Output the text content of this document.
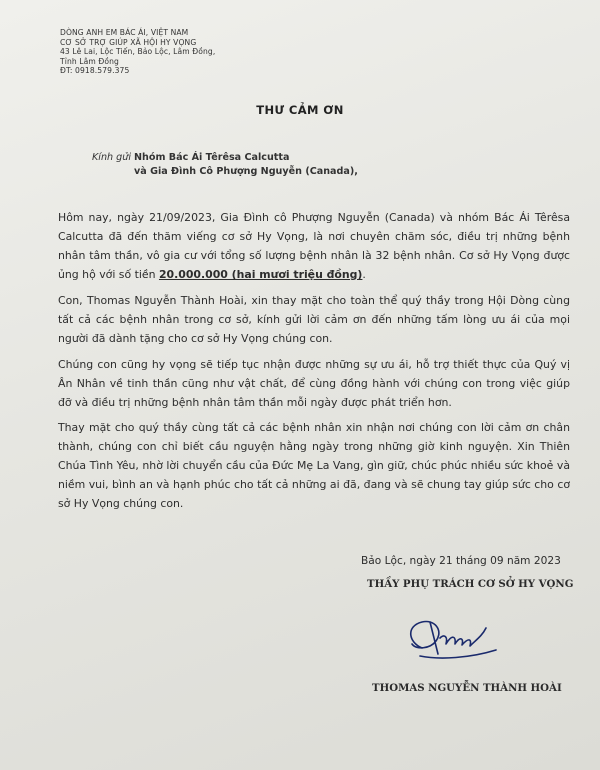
DÒNG ANH EM BÁC ÁI, VIỆT NAM
CƠ SỞ TRỢ GIÚP XÃ HỘI HY VỌNG
43 Lê Lai, Lộc Tiến, Bảo Lộc, Lâm Đồng,
Tỉnh Lâm Đồng
ĐT: 0918.579.375
THƯ CẢM ƠN
Kính gửi Nhóm Bác Ái Têrêsa Calcutta
và Gia Đình Cô Phượng Nguyễn (Canada),

Hôm nay, ngày 21/09/2023, Gia Đình cô Phượng Nguyễn (Canada) và nhóm Bác Ái Têrêsa Calcutta đã đến thăm viếng cơ sở Hy Vọng, là nơi chuyên chăm sóc, điều trị những bệnh nhân tâm thần, vô gia cư với tổng số lượng bệnh nhân là 32 bệnh nhân. Cơ sở Hy Vọng được ủng hộ với số tiền 20.000.000 (hai mươi triệu đồng).

Con, Thomas Nguyễn Thành Hoài, xin thay mặt cho toàn thể quý thầy trong Hội Dòng cùng tất cả các bệnh nhân trong cơ sở, kính gửi lời cảm ơn đến những tấm lòng ưu ái của mọi người đã dành tặng cho cơ sở Hy Vọng chúng con.

Chúng con cũng hy vọng sẽ tiếp tục nhận được những sự ưu ái, hỗ trợ thiết thực của Quý vị Ân Nhân về tinh thần cũng như vật chất, để cùng đồng hành với chúng con trong việc giúp đỡ và điều trị những bệnh nhân tâm thần mỗi ngày được phát triển hơn.

Thay mặt cho quý thầy cùng tất cả các bệnh nhân xin nhận nơi chúng con lời cảm ơn chân thành, chúng con chỉ biết cầu nguyện hằng ngày trong những giờ kinh nguyện. Xin Thiên Chúa Tình Yêu, nhờ lời chuyển cầu của Đức Mẹ La Vang, gìn giữ, chúc phúc nhiều sức khoẻ và niềm vui, bình an và hạnh phúc cho tất cả những ai đã, đang và sẽ chung tay giúp sức cho cơ sở Hy Vọng chúng con.

Bảo Lộc, ngày 21 tháng 09 năm 2023
THẦY PHỤ TRÁCH CƠ SỞ HY VỌNG
THOMAS NGUYỄN THÀNH HOÀI
